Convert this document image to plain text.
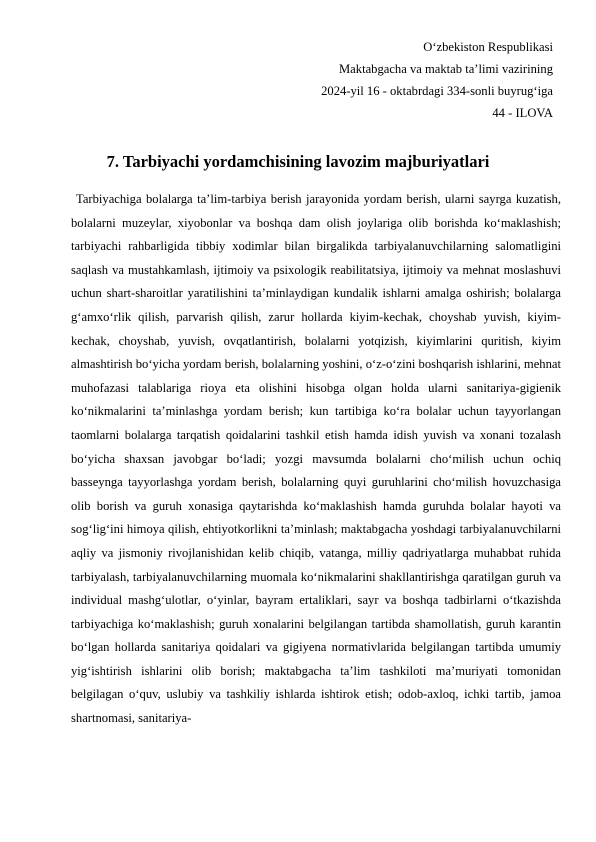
O‘zbekiston Respublikasi
Maktabgacha va maktab ta’limi vazirining
2024-yil 16 - oktabrdagi 334-sonli buyrug‘iga
44 - ILOVA
7. Tarbiyachi yordamchisining lavozim majburiyatlari
Tarbiyachiga bolalarga ta’lim-tarbiya berish jarayonida yordam berish, ularni sayrga kuzatish, bolalarni muzeylar, xiyobonlar va boshqa dam olish joylariga olib borishda ko‘maklashish; tarbiyachi rahbarligida tibbiy xodimlar bilan birgalikda tarbiyalanuvchilarning salomatligini saqlash va mustahkamlash, ijtimoiy va psixologik reabilitatsiya, ijtimoiy va mehnat moslashuvi uchun shart-sharoitlar yaratilishini ta’minlaydigan kundalik ishlarni amalga oshirish; bolalarga g‘amxo‘rlik qilish, parvarish qilish, zarur hollarda kiyim-kechak, choyshab yuvish, kiyim-kechak, choyshab, yuvish, ovqatlantirish, bolalarni yotqizish, kiyimlarini quritish, kiyim almashtirish bo‘yicha yordam berish, bolalarning yoshini, o‘z-o‘zini boshqarish ishlarini, mehnat muhofazasi talablariga rioya eta olishini hisobga olgan holda ularni sanitariya-gigienik ko‘nikmalarini ta’minlashga yordam berish; kun tartibiga ko‘ra bolalar uchun tayyorlangan taomlarni bolalarga tarqatish qoidalarini tashkil etish hamda idish yuvish va xonani tozalash bo‘yicha shaxsan javobgar bo‘ladi; yozgi mavsumda bolalarni cho‘milish uchun ochiq basseynga tayyorlashga yordam berish, bolalarning quyi guruhlarini cho‘milish hovuzchasiga olib borish va guruh xonasiga qaytarishda ko‘maklashish hamda guruhda bolalar hayoti va sog‘lig‘ini himoya qilish, ehtiyotkorlikni ta’minlash; maktabgacha yoshdagi tarbiyalanuvchilarni aqliy va jismoniy rivojlanishidan kelib chiqib, vatanga, milliy qadriyatlarga muhabbat ruhida tarbiyalash, tarbiyalanuvchilarning muomala ko‘nikmalarini shakllantirishga qaratilgan guruh va individual mashg‘ulotlar, o‘yinlar, bayram ertaliklari, sayr va boshqa tadbirlarni o‘tkazishda tarbiyachiga ko‘maklashish; guruh xonalarini belgilangan tartibda shamollatish, guruh karantin bo‘lgan hollarda sanitariya qoidalari va gigiyena normativlarida belgilangan tartibda umumiy yig‘ishtirish ishlarini olib borish; maktabgacha ta’lim tashkiloti ma’muriyati tomonidan belgilagan o‘quv, uslubiy va tashkiliy ishlarda ishtirok etish; odob-axloq, ichki tartib, jamoa shartnomasi, sanitariya-
